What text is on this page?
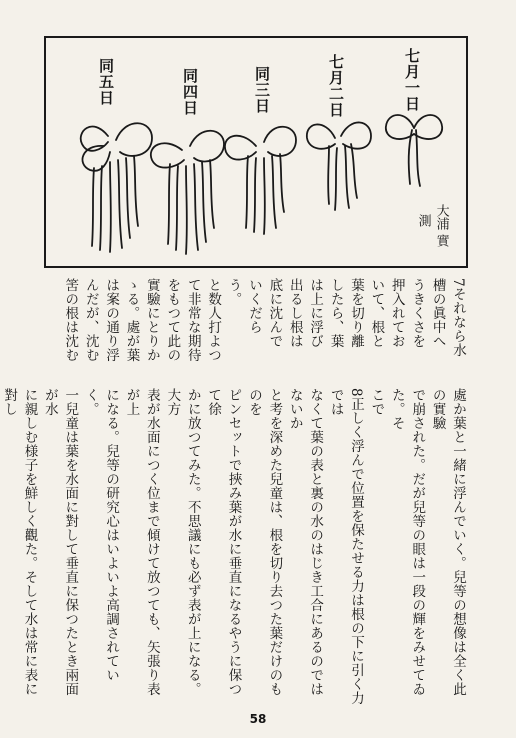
七月一日
七月二日
同三日
同四日
同五日
大浦
實
測

7それなら水

槽の眞中へ

うきくさを

押入れてお

いて、根と

葉を切り離

したら、葉

は上に浮び

出るし根は

底に沈んで

いくだら

う。

と数人打よつ

て非常な期待

をもつて此の

實驗にとりか

ゝる。處が葉

は案の通り浮

んだが、沈む

筈の根は沈む

處か葉と一緒に浮んでいく。兒等の想像は全く此の實驗

で崩された。だが兒等の眼は一段の輝をみせてゐた。そ

こで

8正しく浮んで位置を保たせる力は根の下に引く力では

なくて葉の表と裏の水のはじき工合にあるのではないか

と考を深めた兒童は、根を切り去つた葉だけのものを

ピンセットで挾み葉が水に垂直になるやうに保つて徐

かに放つてみた。不思議にも必ず表が上になる。大方

表が水面につく位まで傾けて放つても、矢張り表が上

になる。兒等の研究心はいよいよ高調されていく。

一兒童は葉を水面に對して垂直に保つたとき兩面が水

に親しむ様子を鮮しく觀た。そして水は常に表に對し

58
